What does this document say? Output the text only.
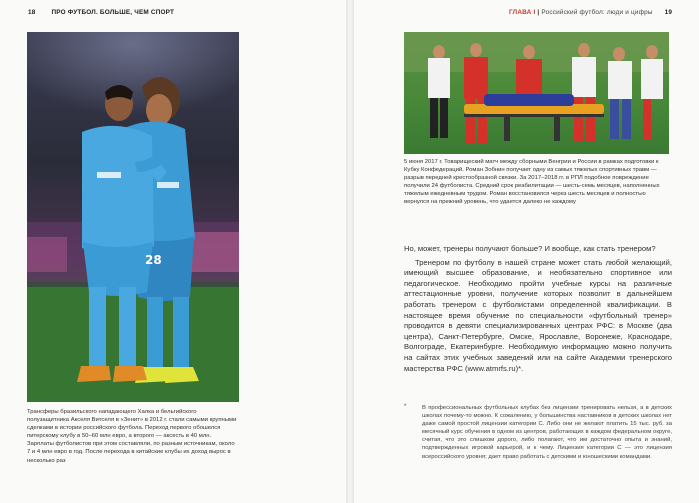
18 ПРО ФУТБОЛ. БОЛЬШЕ, ЧЕМ СПОРТ
28
Трансферы бразильского нападающего Халка и бельгийского полузащитника Акселя Витселя в «Зенит» в 2012 г. стали самыми крупными сделками в истории российского футбола. Переход первого обошелся питерскому клубу в 50–60 млн евро, а второго — аксесть в 40 млн. Зарплаты футболистов при этом составляли, по разным источникам, около 7 и 4 млн евро в год. После перехода в китайские клубы их доход вырос в несколько раз
ГЛАВА I | Российский футбол: люди и цифры 19
5 июня 2017 г. Товарищеский матч между сборными Венгрии и России в рамках подготовки к Кубку Конфедераций. Роман Зобнин получает одну из самых тяжелых спортивных травм — разрыв передней крестообразной связки. За 2017–2018 гг. в РПЛ подобное повреждение получили 24 футболиста. Средний срок реабилитации — шесть-семь месяцев, наполненных тяжелым ежедневным трудом. Роман восстановился через шесть месяцев и полностью вернулся на прежний уровень, что удается далеко не каждому

Но, может, тренеры получают больше? И вообще, как стать тренером?

Тренером по футболу в нашей стране может стать любой желающий, имеющий высшее образование, и необязательно спортивное или педагогическое. Необходимо пройти учебные курсы на различные аттестационные уровни, получение которых позволит в дальнейшем работать тренером с футболистами определенной квалификации. В настоящее время обучение по специальности «футбольный тренер» проводится в девяти специализированных центрах РФС: в Москве (два центра), Санкт-Петербурге, Омске, Ярославле, Воронеже, Краснодаре, Волгограде, Екатеринбурге. Необходимую информацию можно получить на сайтах этих учебных заведений или на сайте Академии тренерского мастерства РФС (www.atmrfs.ru)*.

*	В профессиональных футбольных клубах без лицензии тренировать нельзя, а в детских школах почему-то можно. К сожалению, у большинства наставников в детских школах нет даже самой простой лицензии категории С. Либо они не желают платить 15 тыс. руб. за месячный курс обучения в одном из центров, работающих в каждом федеральном округе, считая, что это слишком дорого, либо полагают, что им достаточно опыта и знаний, подтвержденных игровой карьерой, и к чему. Лицензия категории С — это лицензия всероссийского уровня; дает право работать с детскими и юношескими командами.
